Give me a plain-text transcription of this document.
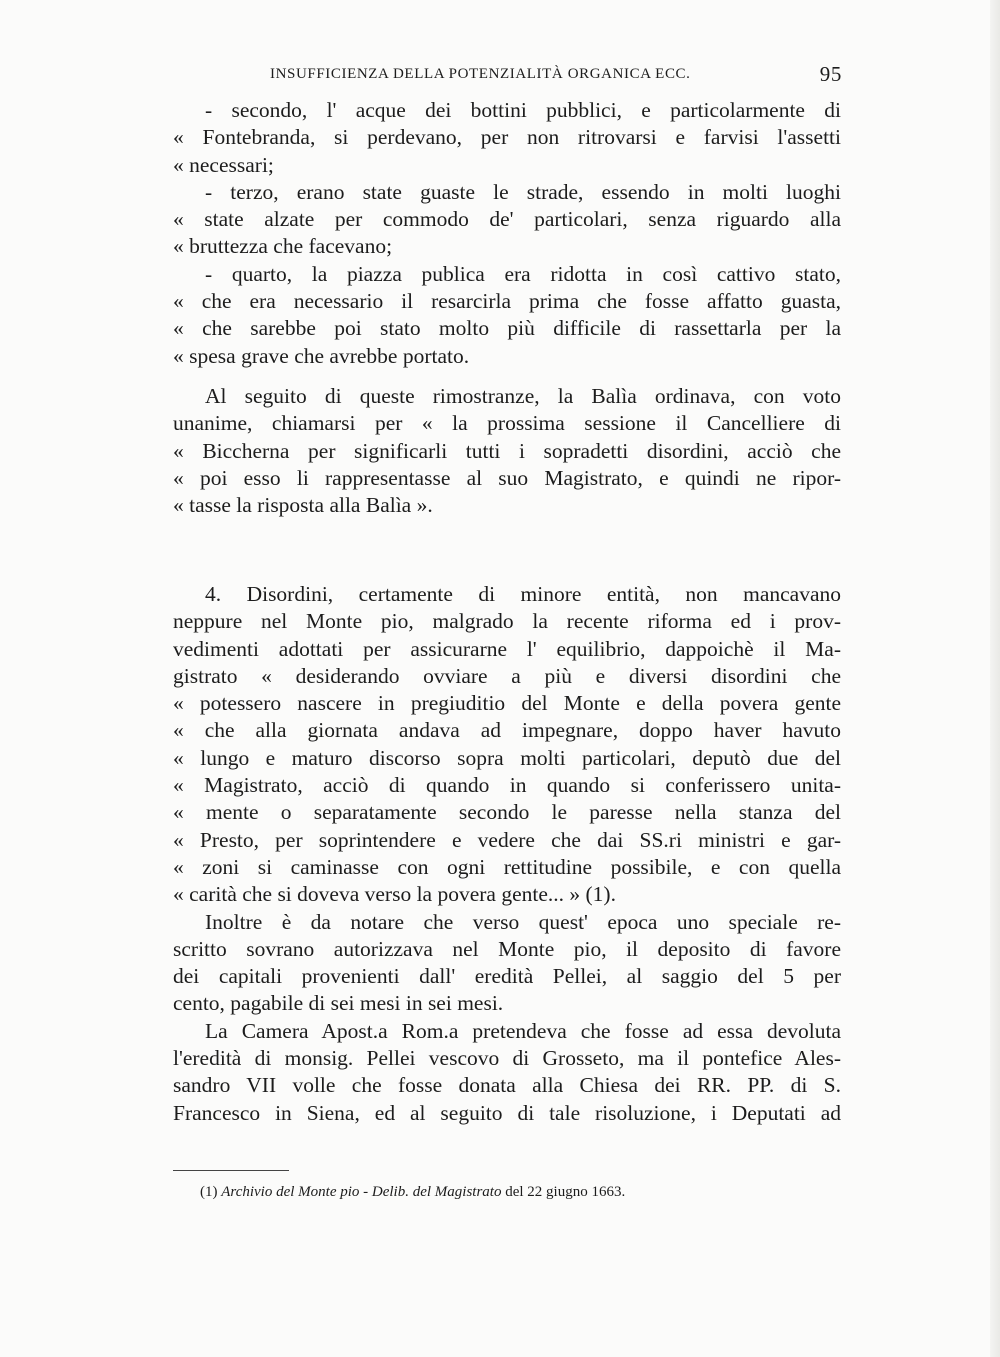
INSUFFICIENZA DELLA POTENZIALITÀ ORGANICA ECC.	95
- secondo, l' acque dei bottini pubblici, e particolarmente di
« Fontebranda, si perdevano, per non ritrovarsi e farvisi l'assetti
« necessari;
- terzo, erano state guaste le strade, essendo in molti luoghi
« state alzate per commodo de' particolari, senza riguardo alla
« bruttezza che facevano;
- quarto, la piazza publica era ridotta in così cattivo stato,
« che era necessario il resarcirla prima che fosse affatto guasta,
« che sarebbe poi stato molto più difficile di rassettarla per la
« spesa grave che avrebbe portato.
Al seguito di queste rimostranze, la Balìa ordinava, con voto
unanime, chiamarsi per « la prossima sessione il Cancelliere di
« Biccherna per significarli tutti i sopradetti disordini, acciò che
« poi esso li rappresentasse al suo Magistrato, e quindi ne ripor-
« tasse la risposta alla Balìa ».
4. Disordini, certamente di minore entità, non mancavano
neppure nel Monte pio, malgrado la recente riforma ed i prov-
vedimenti adottati per assicurarne l' equilibrio, dappoichè il Ma-
gistrato « desiderando ovviare a più e diversi disordini che
« potessero nascere in pregiuditio del Monte e della povera gente
« che alla giornata andava ad impegnare, doppo haver havuto
« lungo e maturo discorso sopra molti particolari, deputò due del
« Magistrato, acciò di quando in quando si conferissero unita-
« mente o separatamente secondo le paresse nella stanza del
« Presto, per soprintendere e vedere che dai SS.ri ministri e gar-
« zoni si caminasse con ogni rettitudine possibile, e con quella
« carità che si doveva verso la povera gente... » (1).
Inoltre è da notare che verso quest' epoca uno speciale re-
scritto sovrano autorizzava nel Monte pio, il deposito di favore
dei capitali provenienti dall' eredità Pellei, al saggio del 5 per
cento, pagabile di sei mesi in sei mesi.
La Camera Apost.a Rom.a pretendeva che fosse ad essa devoluta
l'eredità di monsig. Pellei vescovo di Grosseto, ma il pontefice Ales-
sandro VII volle che fosse donata alla Chiesa dei RR. PP. di S.
Francesco in Siena, ed al seguito di tale risoluzione, i Deputati ad
(1) Archivio del Monte pio - Delib. del Magistrato del 22 giugno 1663.
